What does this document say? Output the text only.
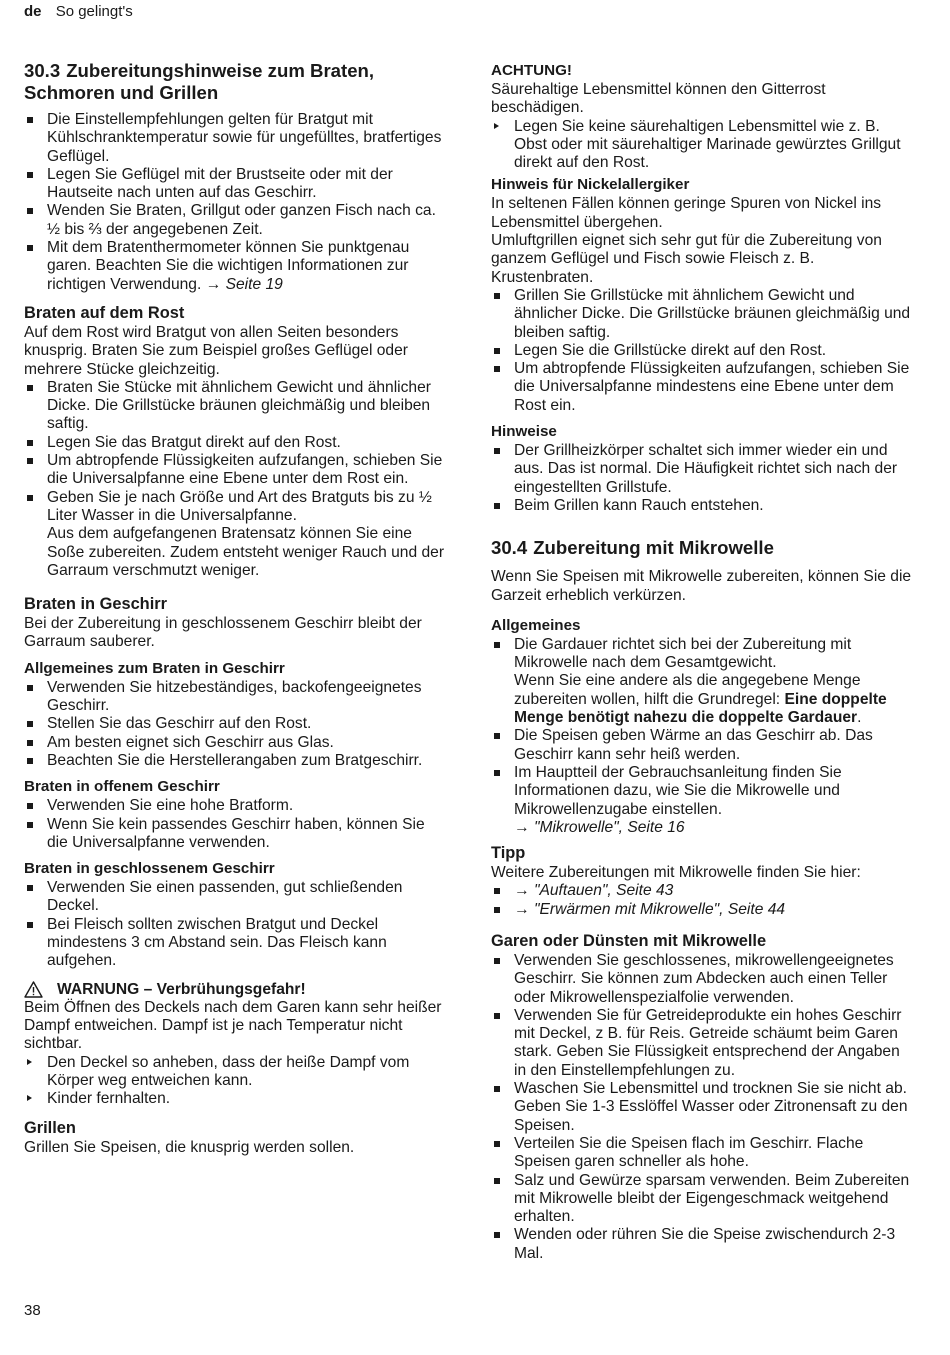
de So gelingt's
30.3 Zubereitungshinweise zum Braten, Schmoren und Grillen
Die Einstellempfehlungen gelten für Bratgut mit Kühlschranktemperatur sowie für ungefülltes, bratfertiges Geflügel.
Legen Sie Geflügel mit der Brustseite oder mit der Hautseite nach unten auf das Geschirr.
Wenden Sie Braten, Grillgut oder ganzen Fisch nach ca. ½ bis ⅔ der angegebenen Zeit.
Mit dem Bratenthermometer können Sie punktgenau garen. Beachten Sie die wichtigen Informationen zur richtigen Verwendung. → Seite 19
Braten auf dem Rost

Auf dem Rost wird Bratgut von allen Seiten besonders knusprig. Braten Sie zum Beispiel großes Geflügel oder mehrere Stücke gleichzeitig.

Braten Sie Stücke mit ähnlichem Gewicht und ähnlicher Dicke. Die Grillstücke bräunen gleichmäßig und bleiben saftig.
Legen Sie das Bratgut direkt auf den Rost.
Um abtropfende Flüssigkeiten aufzufangen, schieben Sie die Universalpfanne eine Ebene unter dem Rost ein.
Geben Sie je nach Größe und Art des Bratguts bis zu ½ Liter Wasser in die Universalpfanne.
Aus dem aufgefangenen Bratensatz können Sie eine Soße zubereiten. Zudem entsteht weniger Rauch und der Garraum verschmutzt weniger.
Braten in Geschirr

Bei der Zubereitung in geschlossenem Geschirr bleibt der Garraum sauberer.

Allgemeines zum Braten in Geschirr
Verwenden Sie hitzebeständiges, backofengeeignetes Geschirr.
Stellen Sie das Geschirr auf den Rost.
Am besten eignet sich Geschirr aus Glas.
Beachten Sie die Herstellerangaben zum Bratgeschirr.
Braten in offenem Geschirr
Verwenden Sie eine hohe Bratform.
Wenn Sie kein passendes Geschirr haben, können Sie die Universalpfanne verwenden.
Braten in geschlossenem Geschirr
Verwenden Sie einen passenden, gut schließenden Deckel.
Bei Fleisch sollten zwischen Bratgut und Deckel mindestens 3 cm Abstand sein. Das Fleisch kann aufgehen.
WARNUNG – Verbrühungsgefahr!

Beim Öffnen des Deckels nach dem Garen kann sehr heißer Dampf entweichen. Dampf ist je nach Temperatur nicht sichtbar.

Den Deckel so anheben, dass der heiße Dampf vom Körper weg entweichen kann.
Kinder fernhalten.
Grillen

Grillen Sie Speisen, die knusprig werden sollen.

ACHTUNG!

Säurehaltige Lebensmittel können den Gitterrost beschädigen.

Legen Sie keine säurehaltigen Lebensmittel wie z. B. Obst oder mit säurehaltiger Marinade gewürztes Grillgut direkt auf den Rost.
Hinweis für Nickelallergiker

In seltenen Fällen können geringe Spuren von Nickel ins Lebensmittel übergehen.

Umluftgrillen eignet sich sehr gut für die Zubereitung von ganzem Geflügel und Fisch sowie Fleisch z. B. Krustenbraten.

Grillen Sie Grillstücke mit ähnlichem Gewicht und ähnlicher Dicke. Die Grillstücke bräunen gleichmäßig und bleiben saftig.
Legen Sie die Grillstücke direkt auf den Rost.
Um abtropfende Flüssigkeiten aufzufangen, schieben Sie die Universalpfanne mindestens eine Ebene unter dem Rost ein.
Hinweise
Der Grillheizkörper schaltet sich immer wieder ein und aus. Das ist normal. Die Häufigkeit richtet sich nach der eingestellten Grillstufe.
Beim Grillen kann Rauch entstehen.
30.4 Zubereitung mit Mikrowelle

Wenn Sie Speisen mit Mikrowelle zubereiten, können Sie die Garzeit erheblich verkürzen.

Allgemeines
Die Gardauer richtet sich bei der Zubereitung mit Mikrowelle nach dem Gesamtgewicht.
Wenn Sie eine andere als die angegebene Menge zubereiten wollen, hilft die Grundregel: Eine doppelte Menge benötigt nahezu die doppelte Gardauer.
Die Speisen geben Wärme an das Geschirr ab. Das Geschirr kann sehr heiß werden.
Im Hauptteil der Gebrauchsanleitung finden Sie Informationen dazu, wie Sie die Mikrowelle und Mikrowellenzugabe einstellen.
→ "Mikrowelle", Seite 16
Tipp

Weitere Zubereitungen mit Mikrowelle finden Sie hier:

→ "Auftauen", Seite 43
→ "Erwärmen mit Mikrowelle", Seite 44
Garen oder Dünsten mit Mikrowelle
Verwenden Sie geschlossenes, mikrowellengeeignetes Geschirr. Sie können zum Abdecken auch einen Teller oder Mikrowellenspezialfolie verwenden.
Verwenden Sie für Getreideprodukte ein hohes Geschirr mit Deckel, z B. für Reis. Getreide schäumt beim Garen stark. Geben Sie Flüssigkeit entsprechend der Angaben in den Einstellempfehlungen zu.
Waschen Sie Lebensmittel und trocknen Sie sie nicht ab. Geben Sie 1-3 Esslöffel Wasser oder Zitronensaft zu den Speisen.
Verteilen Sie die Speisen flach im Geschirr. Flache Speisen garen schneller als hohe.
Salz und Gewürze sparsam verwenden. Beim Zubereiten mit Mikrowelle bleibt der Eigengeschmack weitgehend erhalten.
Wenden oder rühren Sie die Speise zwischendurch 2-3 Mal.
38
